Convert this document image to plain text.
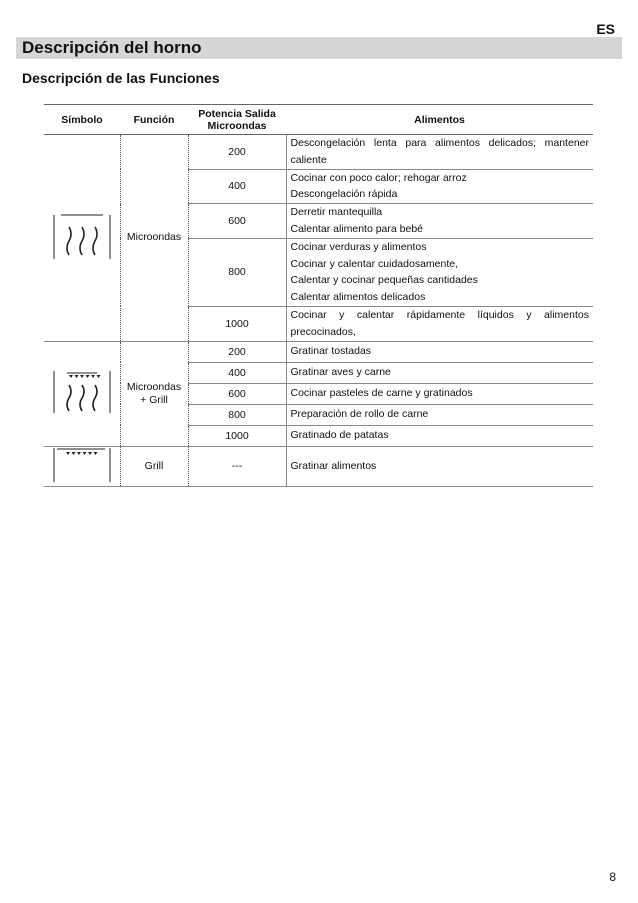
ES
Descripción del horno
Descripción de las Funciones
Símbolo	Función	Potencia Salida Microondas	Alimentos
	Microondas	200	Descongelación lenta para alimentos delicados; mantener caliente

		400	Cocinar con poco calor; rehogar arroz
Descongelación rápida

		600	Derretir mantequilla
Calentar alimento para bebé

		800	Cocinar verduras y alimentos
Cocinar y calentar cuidadosamente,
Calentar y cocinar pequeñas cantidades
Calentar alimentos delicados

		1000	Cocinar y calentar rápidamente líquidos y alimentos precocinados,

	Microondas + Grill	200	Gratinar tostadas

		400	Gratinar aves y carne

		600	Cocinar pasteles de carne y gratinados

		800	Preparación de rollo de carne

		1000	Gratinado de patatas

	Grill	---	Gratinar alimentos
8
